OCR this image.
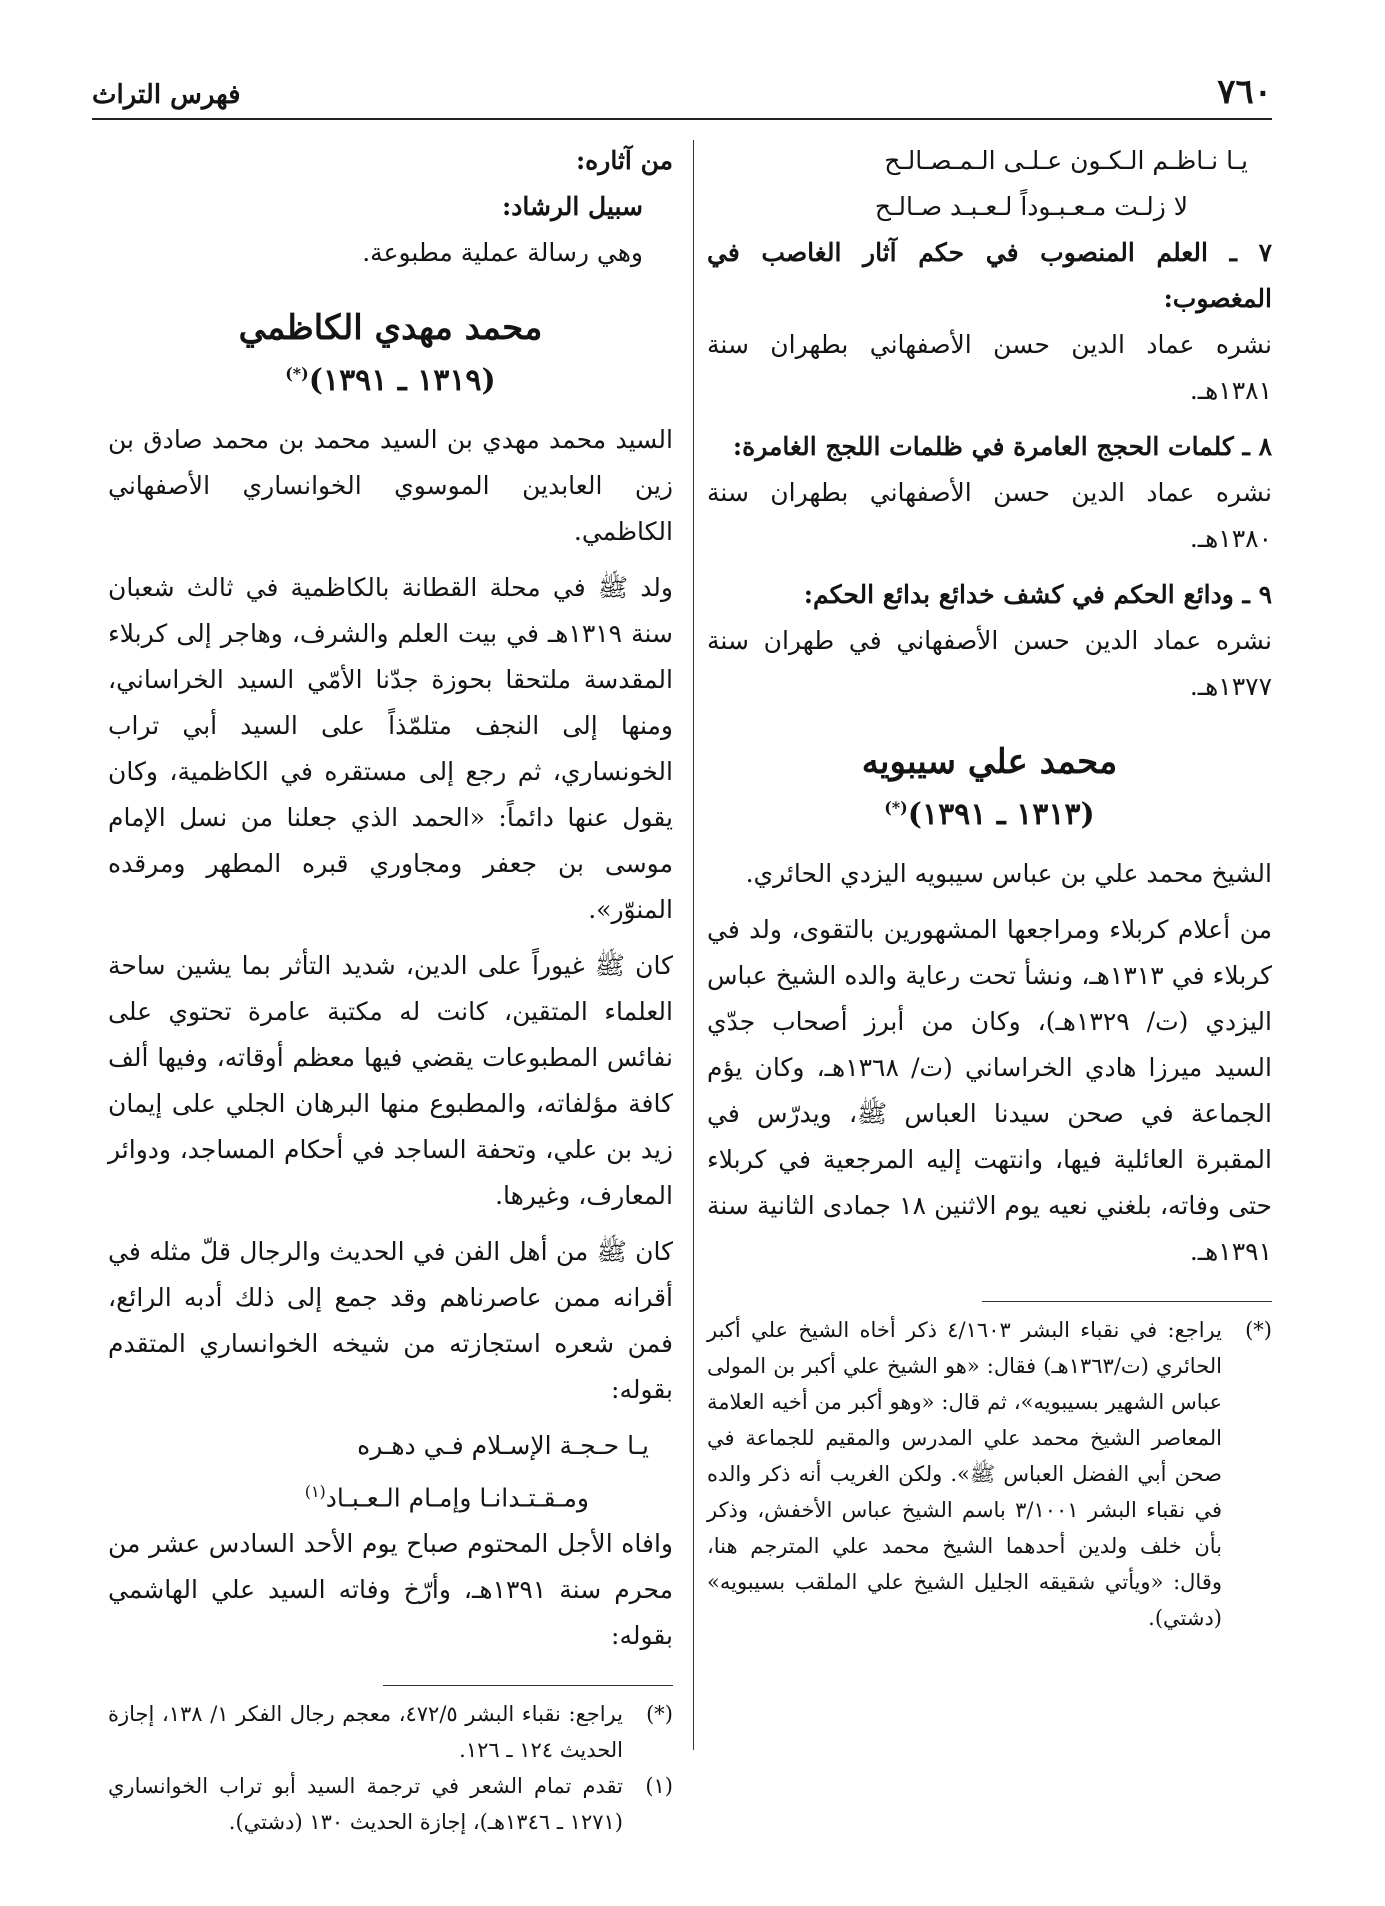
٧٦٠
فهرس التراث
يـا نـاظـم الـكـون عـلـى الـمـصـالـح
لا زلـت مـعـبـوداً لـعـبـد صـالـح

٧ ـ العلم المنصوب في حكم آثار الغاصب في المغصوب:
نشره عماد الدين حسن الأصفهاني بطهران سنة ١٣٨١هـ.

٨ ـ كلمات الحجج العامرة في ظلمات اللجج الغامرة:
نشره عماد الدين حسن الأصفهاني بطهران سنة ١٣٨٠هـ.

٩ ـ ودائع الحكم في كشف خدائع بدائع الحكم:
نشره عماد الدين حسن الأصفهاني في طهران سنة ١٣٧٧هـ.

محمد علي سيبويه
(١٣١٣ ـ ١٣٩١)(*)

الشيخ محمد علي بن عباس سيبويه اليزدي الحائري.

من أعلام كربلاء ومراجعها المشهورين بالتقوى، ولد في كربلاء في ١٣١٣هـ، ونشأ تحت رعاية والده الشيخ عباس اليزدي (ت/ ١٣٢٩هـ)، وكان من أبرز أصحاب جدّي السيد ميرزا هادي الخراساني (ت/ ١٣٦٨هـ، وكان يؤم الجماعة في صحن سيدنا العباس ﷺ، ويدرّس في المقبرة العائلية فيها، وانتهت إليه المرجعية في كربلاء حتى وفاته، بلغني نعيه يوم الاثنين ١٨ جمادى الثانية سنة ١٣٩١هـ.

(*)
يراجع: في نقباء البشر ٤/١٦٠٣ ذكر أخاه الشيخ علي أكبر الحائري (ت/١٣٦٣هـ) فقال: «هو الشيخ علي أكبر بن المولى عباس الشهير بسيبويه»، ثم قال: «وهو أكبر من أخيه العلامة المعاصر الشيخ محمد علي المدرس والمقيم للجماعة في صحن أبي الفضل العباس ﷺ». ولكن الغريب أنه ذكر والده في نقباء البشر ٣/١٠٠١ باسم الشيخ عباس الأخفش، وذكر بأن خلف ولدين أحدهما الشيخ محمد علي المترجم هنا، وقال: «ويأتي شقيقه الجليل الشيخ علي الملقب بسيبويه» (دشتي).

من آثاره:

سبيل الرشاد:

وهي رسالة عملية مطبوعة.

محمد مهدي الكاظمي
(١٣١٩ ـ ١٣٩١)(*)

السيد محمد مهدي بن السيد محمد بن محمد صادق بن زين العابدين الموسوي الخوانساري الأصفهاني الكاظمي.

ولد ﷺ في محلة القطانة بالكاظمية في ثالث شعبان سنة ١٣١٩هـ في بيت العلم والشرف، وهاجر إلى كربلاء المقدسة ملتحقا بحوزة جدّنا الأمّي السيد الخراساني، ومنها إلى النجف متلمّذاً على السيد أبي تراب الخونساري، ثم رجع إلى مستقره في الكاظمية، وكان يقول عنها دائماً: «الحمد الذي جعلنا من نسل الإمام موسى بن جعفر ومجاوري قبره المطهر ومرقده المنوّر».

كان ﷺ غيوراً على الدين، شديد التأثر بما يشين ساحة العلماء المتقين، كانت له مكتبة عامرة تحتوي على نفائس المطبوعات يقضي فيها معظم أوقاته، وفيها ألف كافة مؤلفاته، والمطبوع منها البرهان الجلي على إيمان زيد بن علي، وتحفة الساجد في أحكام المساجد، ودوائر المعارف، وغيرها.

كان ﷺ من أهل الفن في الحديث والرجال قلّ مثله في أقرانه ممن عاصرناهم وقد جمع إلى ذلك أدبه الرائع، فمن شعره استجازته من شيخه الخوانساري المتقدم بقوله:

يـا حـجـة الإسـلام فـي دهـره
ومـقـتـدانـا وإمـام الـعـبـاد$^{(١)}$

وافاه الأجل المحتوم صباح يوم الأحد السادس عشر من محرم سنة ١٣٩١هـ، وأرّخ وفاته السيد علي الهاشمي بقوله:

(*)
يراجع: نقباء البشر ٤٧٢/٥، معجم رجال الفكر ١/ ١٣٨، إجازة الحديث ١٢٤ ـ ١٢٦.
(١)
تقدم تمام الشعر في ترجمة السيد أبو تراب الخوانساري (١٢٧١ ـ ١٣٤٦هـ)، إجازة الحديث ١٣٠ (دشتي).
